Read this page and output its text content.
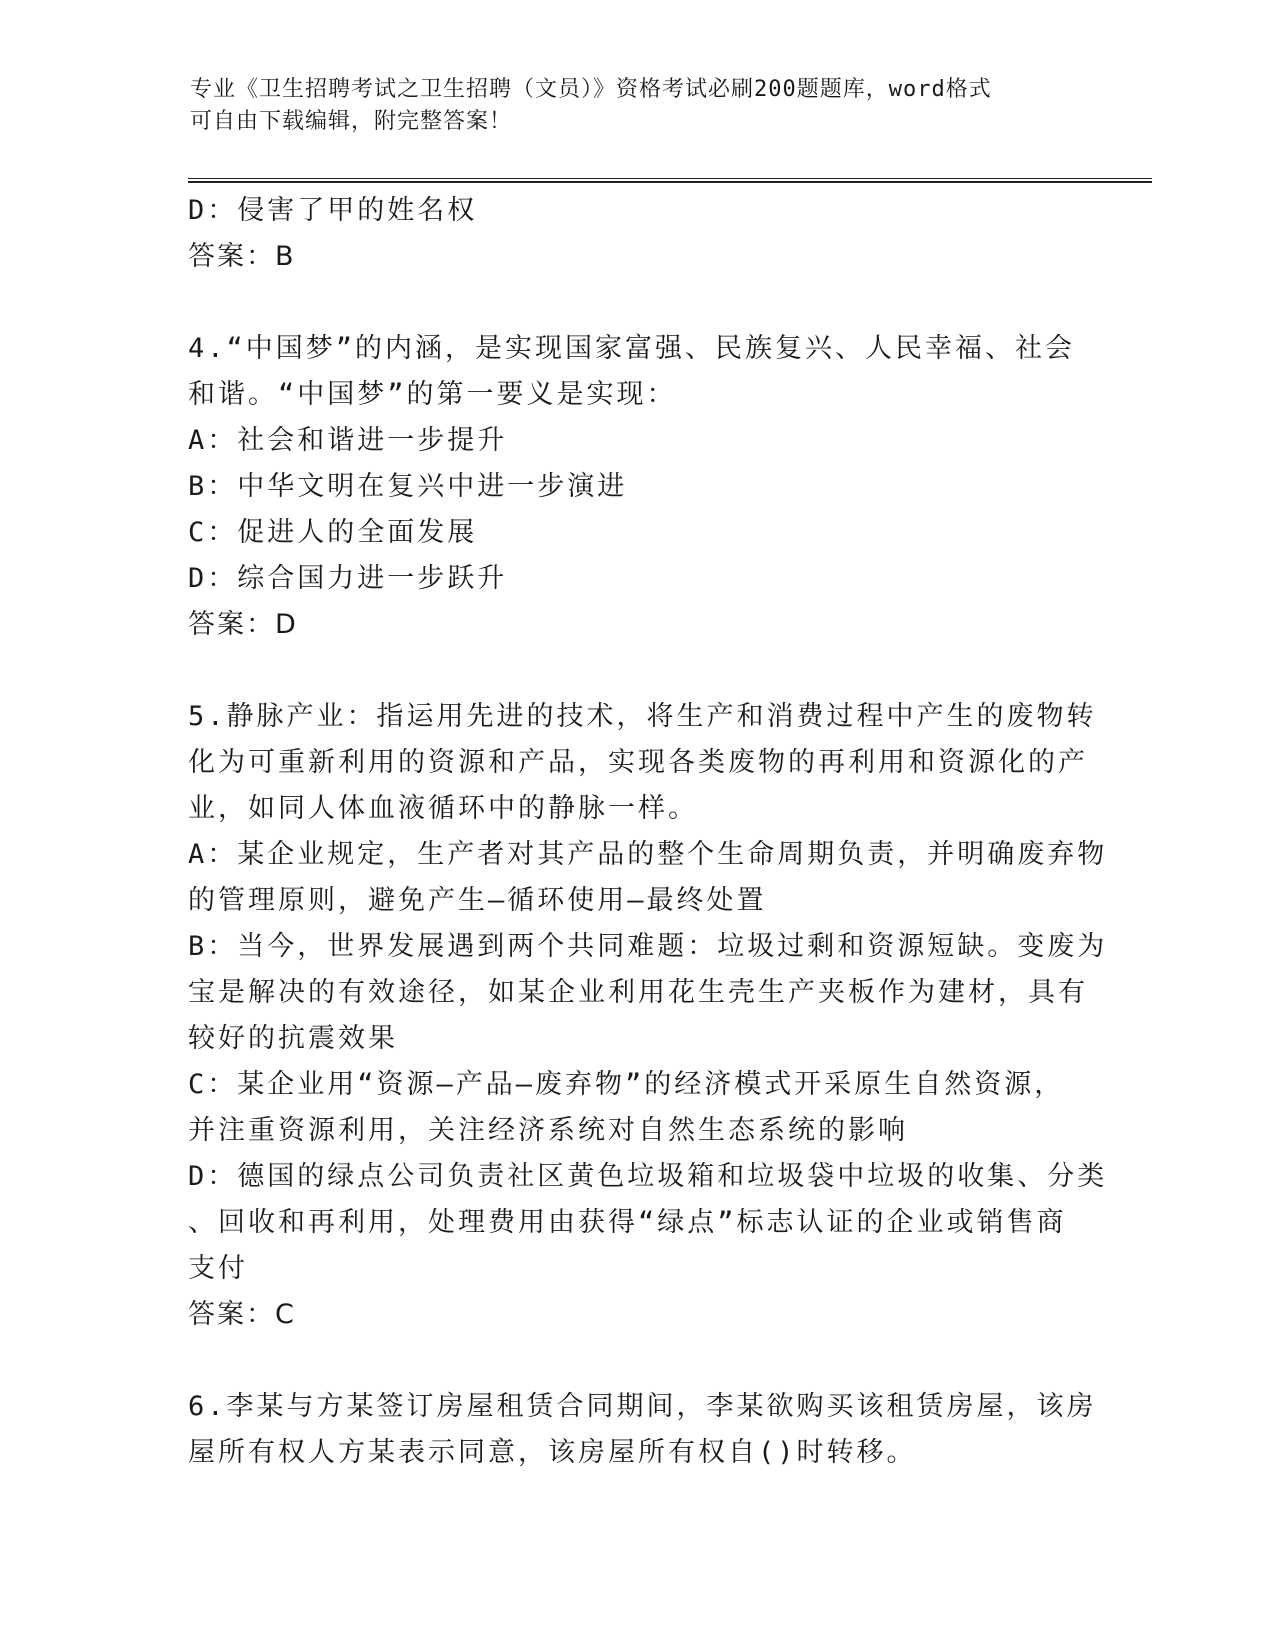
专业《卫生招聘考试之卫生招聘（文员）》资格考试必刷200题题库，word格式
可自由下载编辑，附完整答案！
D：侵害了甲的姓名权
答案：B
4.“中国梦”的内涵，是实现国家富强、民族复兴、人民幸福、社会
和谐。“中国梦”的第一要义是实现：
A：社会和谐进一步提升
B：中华文明在复兴中进一步演进
C：促进人的全面发展
D：综合国力进一步跃升
答案：D
5.静脉产业：指运用先进的技术，将生产和消费过程中产生的废物转
化为可重新利用的资源和产品，实现各类废物的再利用和资源化的产
业，如同人体血液循环中的静脉一样。
A：某企业规定，生产者对其产品的整个生命周期负责，并明确废弃物
的管理原则，避免产生—循环使用—最终处置
B：当今，世界发展遇到两个共同难题：垃圾过剩和资源短缺。变废为
宝是解决的有效途径，如某企业利用花生壳生产夹板作为建材，具有
较好的抗震效果
C：某企业用“资源—产品—废弃物”的经济模式开采原生自然资源，
并注重资源利用，关注经济系统对自然生态系统的影响
D：德国的绿点公司负责社区黄色垃圾箱和垃圾袋中垃圾的收集、分类
、回收和再利用，处理费用由获得“绿点”标志认证的企业或销售商
支付
答案：C
6.李某与方某签订房屋租赁合同期间，李某欲购买该租赁房屋，该房
屋所有权人方某表示同意，该房屋所有权自()时转移。
